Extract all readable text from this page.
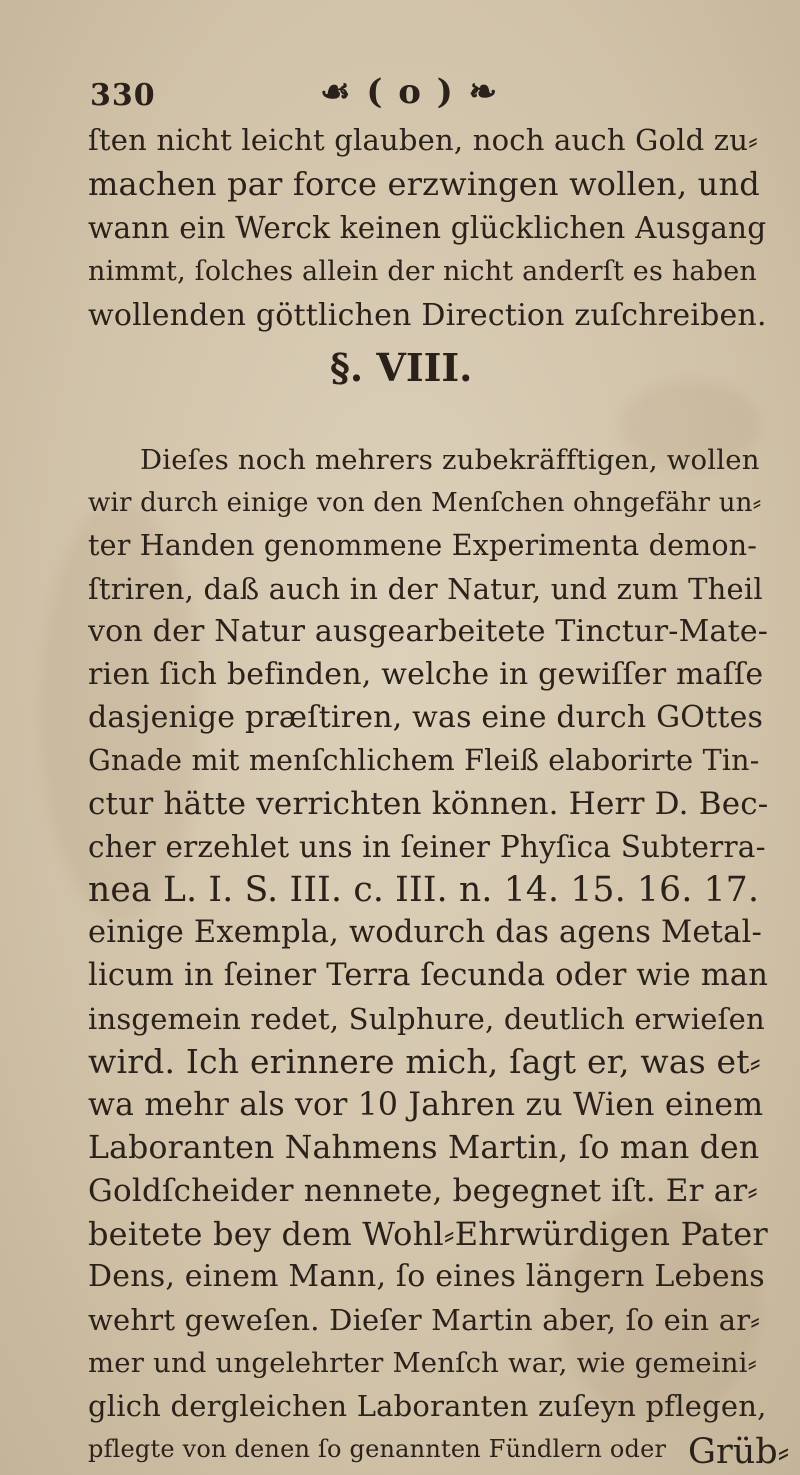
330	☙ ( o ) ❧
ſten nicht leicht glauben, noch auch Gold zu⸗
machen par force erzwingen wollen, und
wann ein Werck keinen glücklichen Ausgang
nimmt, ſolches allein der nicht anderſt es haben
wollenden göttlichen Direction zuſchreiben.
§. VIII.
Dieſes noch mehrers zubekräfftigen, wollen
wir durch einige von den Menſchen ohngefähr un⸗
ter Handen genommene Experimenta demon-
ſtriren, daß auch in der Natur, und zum Theil
von der Natur ausgearbeitete Tinctur-Mate-
rien ſich befinden, welche in gewiſſer maſſe
dasjenige præſtiren, was eine durch GOttes
Gnade mit menſchlichem Fleiß elaborirte Tin-
ctur hätte verrichten können. Herr D. Bec-
cher erzehlet uns in ſeiner Phyſica Subterra-
nea L. I. S. III. c. III. n. 14. 15. 16. 17.
einige Exempla, wodurch das agens Metal-
licum in ſeiner Terra ſecunda oder wie man
insgemein redet, Sulphure, deutlich erwieſen
wird. Ich erinnere mich, ſagt er, was et⸗
wa mehr als vor 10 Jahren zu Wien einem
Laboranten Nahmens Martin, ſo man den
Goldſcheider nennete, begegnet iſt. Er ar⸗
beitete bey dem Wohl⸗Ehrwürdigen Pater
Dens, einem Mann, ſo eines längern Lebens
wehrt geweſen. Dieſer Martin aber, ſo ein ar⸗
mer und ungelehrter Menſch war, wie gemeini⸗
glich dergleichen Laboranten zuſeyn pflegen,
pflegte von denen ſo genannten Fündlern oder Grüb⸗
